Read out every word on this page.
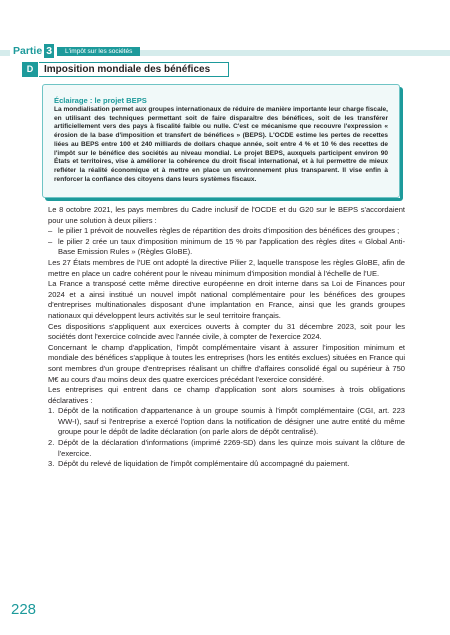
Partie 3	L'impôt sur les sociétés
D	Imposition mondiale des bénéfices
Éclairage : le projet BEPS
La mondialisation permet aux groupes internationaux de réduire de manière importante leur charge fiscale, en utilisant des techniques permettant soit de faire disparaître des bénéfices, soit de les transférer artificiellement vers des pays à fiscalité faible ou nulle. C'est ce mécanisme que recouvre l'expression « érosion de la base d'imposition et transfert de bénéfices » (BEPS). L'OCDE estime les pertes de recettes liées au BEPS entre 100 et 240 milliards de dollars chaque année, soit entre 4 % et 10 % des recettes de l'impôt sur le bénéfice des sociétés au niveau mondial. Le projet BEPS, auxquels participent environ 90 États et territoires, vise à améliorer la cohérence du droit fiscal international, et à lui permettre de mieux refléter la réalité économique et à mettre en place un environnement plus transparent. Il vise enfin à renforcer la confiance des citoyens dans leurs systèmes fiscaux.

Le 8 octobre 2021, les pays membres du Cadre inclusif de l'OCDE et du G20 sur le BEPS s'accordaient pour une solution à deux piliers :

– le pilier 1 prévoit de nouvelles règles de répartition des droits d'imposition des bénéfices des groupes ;
– le pilier 2 crée un taux d'imposition minimum de 15 % par l'application des règles dites « Global Anti-Base Emission Rules » (Règles GloBE).

Les 27 États membres de l'UE ont adopté la directive Pilier 2, laquelle transpose les règles GloBE, afin de mettre en place un cadre cohérent pour le niveau minimum d'imposition mondial à l'échelle de l'UE.

La France a transposé cette même directive européenne en droit interne dans sa Loi de Finances pour 2024 et a ainsi institué un nouvel impôt national complémentaire pour les bénéfices des groupes d'entreprises multinationales disposant d'une implantation en France, ainsi que les grands groupes nationaux qui développent leurs activités sur le seul territoire français.

Ces dispositions s'appliquent aux exercices ouverts à compter du 31 décembre 2023, soit pour les sociétés dont l'exercice coïncide avec l'année civile, à compter de l'exercice 2024.

Concernant le champ d'application, l'impôt complémentaire visant à assurer l'imposition minimum et mondiale des bénéfices s'applique à toutes les entreprises (hors les entités exclues) situées en France qui sont membres d'un groupe d'entreprises réalisant un chiffre d'affaires consolidé égal ou supérieur à 750 M€ au cours d'au moins deux des quatre exercices précédant l'exercice considéré.

Les entreprises qui entrent dans ce champ d'application sont alors soumises à trois obligations déclaratives :

1. Dépôt de la notification d'appartenance à un groupe soumis à l'impôt complémentaire (CGI, art. 223 WW-I), sauf si l'entreprise a exercé l'option dans la notification de désigner une autre entité du même groupe pour le dépôt de ladite déclaration (on parle alors de dépôt centralisé).
2. Dépôt de la déclaration d'informations (imprimé 2269-SD) dans les quinze mois suivant la clôture de l'exercice.
3. Dépôt du relevé de liquidation de l'impôt complémentaire dû accompagné du paiement.
228
